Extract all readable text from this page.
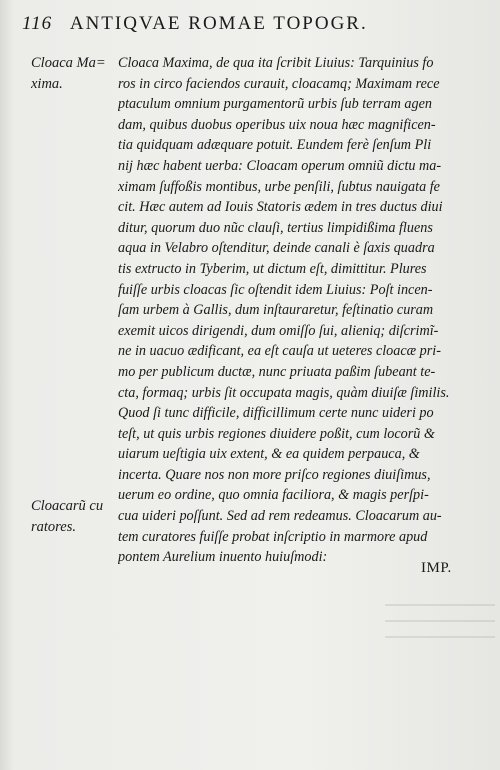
116 ANTIQVAE ROMAE TOPOGR.
Cloaca Ma=
xima.
Cloacarũ cu
ratores.
Cloaca Maxima, de qua ita ſcribit Liuius: Tarquinius fo
ros in circo faciendos curauit, cloacamq; Maximam rece
ptaculum omnium purgamentorũ urbis ſub terram agen
dam, quibus duobus operibus uix noua hæc magnificen-
tia quidquam adæquare potuit. Eundem ferè ſenſum Pli
nij hæc habent uerba: Cloacam operum omniũ dictu ma-
ximam ſuffoßis montibus, urbe penſili, ſubtus nauigata fe
cit. Hæc autem ad Iouis Statoris ædem in tres ductus diui
ditur, quorum duo nũc clauſi, tertius limpidißima fluens
aqua in Velabro oſtenditur, deinde canali è ſaxis quadra
tis extructo in Tyberim, ut dictum eſt, dimittitur. Plures
fuiſſe urbis cloacas ſic oſtendit idem Liuius: Poſt incen-
ſam urbem à Gallis, dum inſtauraretur, feſtinatio curam
exemit uicos dirigendi, dum omiſſo ſui, alieniq; diſcrimĩ-
ne in uacuo ædificant, ea eſt cauſa ut ueteres cloacæ pri-
mo per publicum ductæ, nunc priuata paßim ſubeant te-
cta, formaq; urbis ſit occupata magis, quàm diuiſæ ſimilis.
Quod ſi tunc difficile, difficillimum certe nunc uideri po
teſt, ut quis urbis regiones diuidere poßit, cum locorũ &
uiarum ueſtigia uix extent, & ea quidem perpauca, &
incerta. Quare nos non more priſco regiones diuiſimus,
uerum eo ordine, quo omnia faciliora, & magis perſpi-
cua uideri poſſunt. Sed ad rem redeamus. Cloacarum au-
tem curatores fuiſſe probat inſcriptio in marmore apud
pontem Aurelium inuento huiuſmodi:
IMP.
